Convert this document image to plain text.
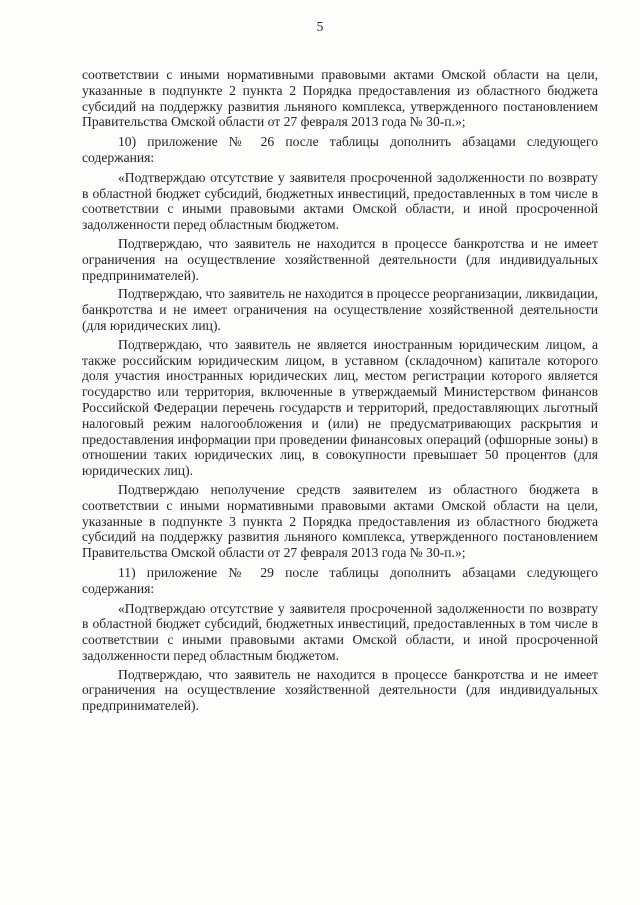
5

соответствии с иными нормативными правовыми актами Омской области на цели, указанные в подпункте 2 пункта 2 Порядка предоставления из областного бюджета субсидий на поддержку развития льняного комплекса, утвержденного постановлением Правительства Омской области от 27 февраля 2013 года № 30-п.»;

10) приложение № 26 после таблицы дополнить абзацами следующего содержания:

«Подтверждаю отсутствие у заявителя просроченной задолженности по возврату в областной бюджет субсидий, бюджетных инвестиций, предоставленных в том числе в соответствии с иными правовыми актами Омской области, и иной просроченной задолженности перед областным бюджетом.

Подтверждаю, что заявитель не находится в процессе банкротства и не имеет ограничения на осуществление хозяйственной деятельности (для индивидуальных предпринимателей).

Подтверждаю, что заявитель не находится в процессе реорганизации, ликвидации, банкротства и не имеет ограничения на осуществление хозяйственной деятельности (для юридических лиц).

Подтверждаю, что заявитель не является иностранным юридическим лицом, а также российским юридическим лицом, в уставном (складочном) капитале которого доля участия иностранных юридических лиц, местом регистрации которого является государство или территория, включенные в утверждаемый Министерством финансов Российской Федерации перечень государств и территорий, предоставляющих льготный налоговый режим налогообложения и (или) не предусматривающих раскрытия и предоставления информации при проведении финансовых операций (офшорные зоны) в отношении таких юридических лиц, в совокупности превышает 50 процентов (для юридических лиц).

Подтверждаю неполучение средств заявителем из областного бюджета в соответствии с иными нормативными правовыми актами Омской области на цели, указанные в подпункте 3 пункта 2 Порядка предоставления из областного бюджета субсидий на поддержку развития льняного комплекса, утвержденного постановлением Правительства Омской области от 27 февраля 2013 года № 30-п.»;

11) приложение № 29 после таблицы дополнить абзацами следующего содержания:

«Подтверждаю отсутствие у заявителя просроченной задолженности по возврату в областной бюджет субсидий, бюджетных инвестиций, предоставленных в том числе в соответствии с иными правовыми актами Омской области, и иной просроченной задолженности перед областным бюджетом.

Подтверждаю, что заявитель не находится в процессе банкротства и не имеет ограничения на осуществление хозяйственной деятельности (для индивидуальных предпринимателей).
